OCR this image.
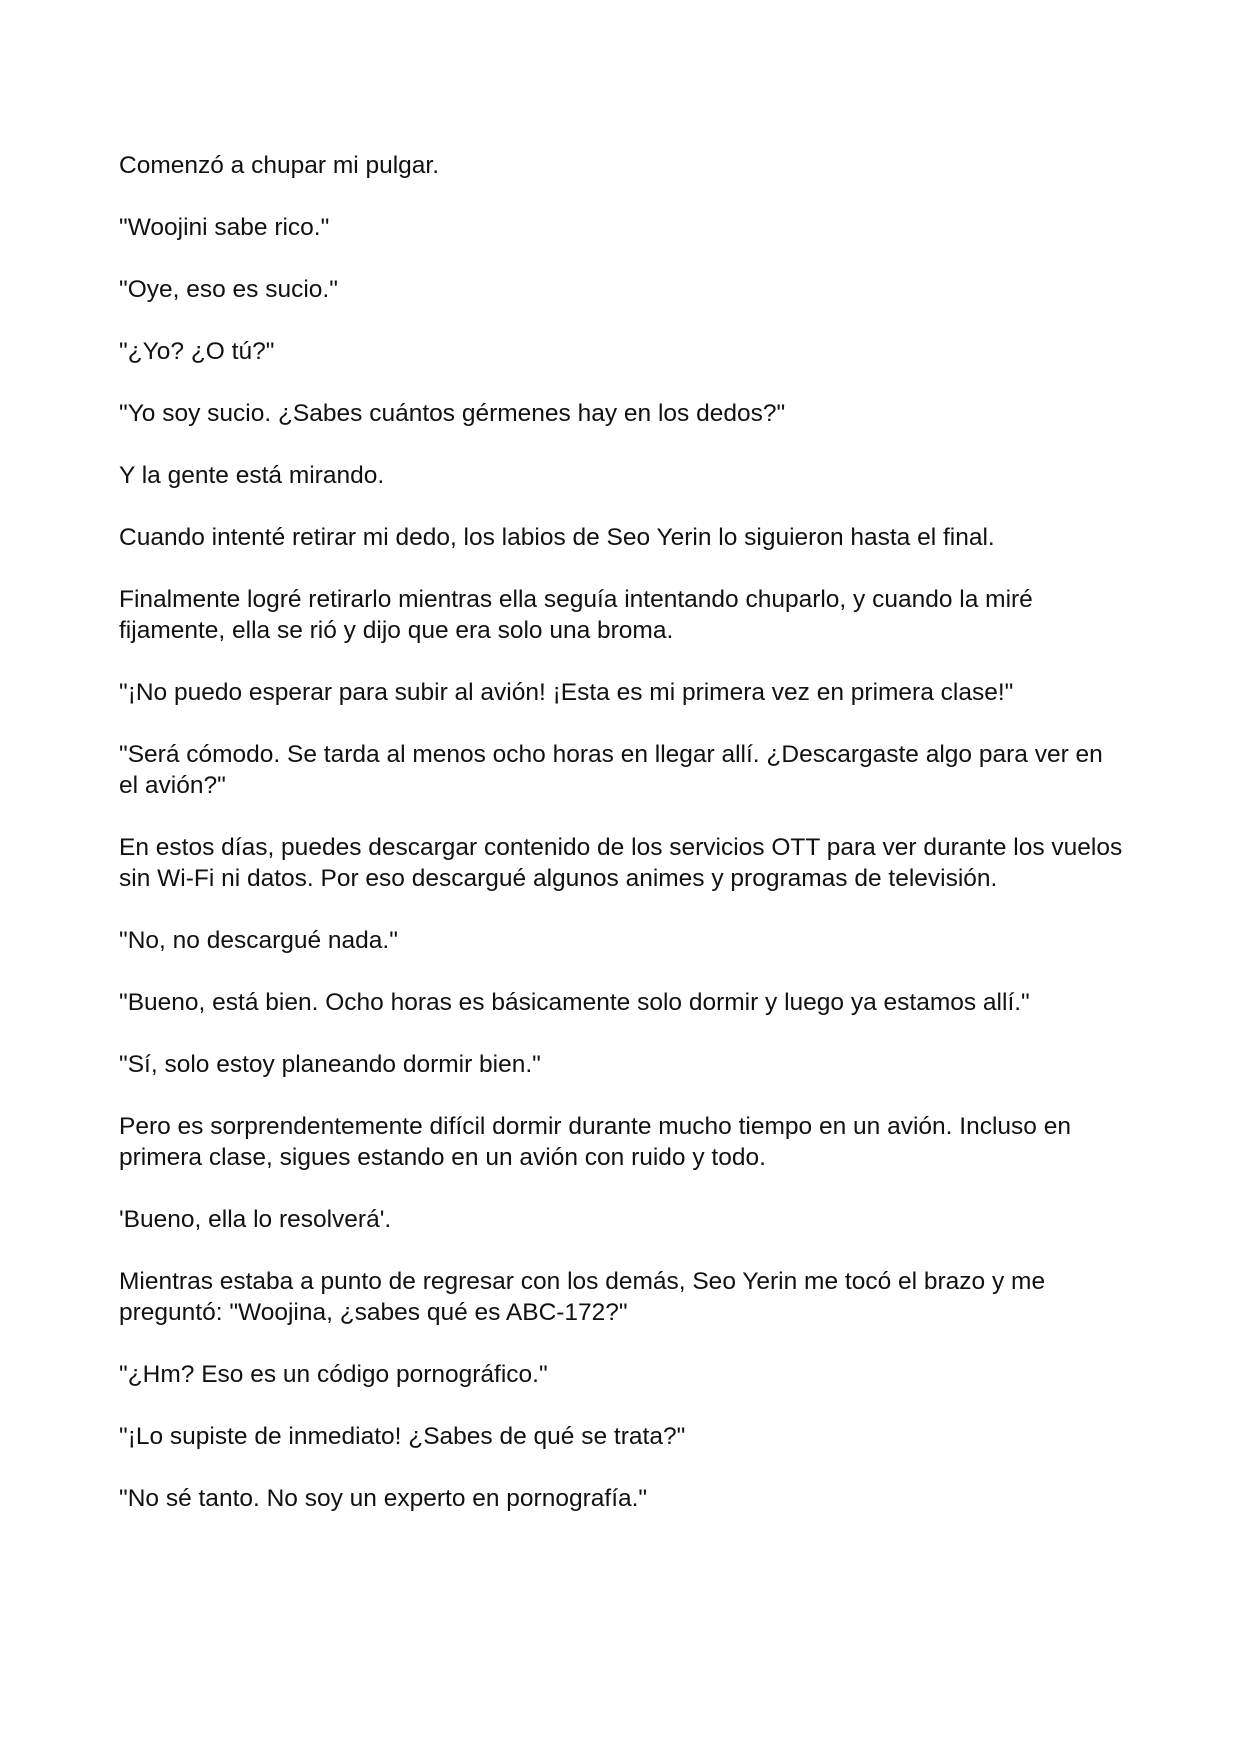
Comenzó a chupar mi pulgar.

"Woojini sabe rico."

"Oye, eso es sucio."

"¿Yo? ¿O tú?"

"Yo soy sucio. ¿Sabes cuántos gérmenes hay en los dedos?"

Y la gente está mirando.

Cuando intenté retirar mi dedo, los labios de Seo Yerin lo siguieron hasta el final.

Finalmente logré retirarlo mientras ella seguía intentando chuparlo, y cuando la miré fijamente, ella se rió y dijo que era solo una broma.

"¡No puedo esperar para subir al avión! ¡Esta es mi primera vez en primera clase!"

"Será cómodo. Se tarda al menos ocho horas en llegar allí. ¿Descargaste algo para ver en el avión?"

En estos días, puedes descargar contenido de los servicios OTT para ver durante los vuelos sin Wi-Fi ni datos. Por eso descargué algunos animes y programas de televisión.

"No, no descargué nada."

"Bueno, está bien. Ocho horas es básicamente solo dormir y luego ya estamos allí."

"Sí, solo estoy planeando dormir bien."

Pero es sorprendentemente difícil dormir durante mucho tiempo en un avión. Incluso en primera clase, sigues estando en un avión con ruido y todo.

'Bueno, ella lo resolverá'.

Mientras estaba a punto de regresar con los demás, Seo Yerin me tocó el brazo y me preguntó: "Woojina, ¿sabes qué es ABC-172?"

"¿Hm? Eso es un código pornográfico."

"¡Lo supiste de inmediato! ¿Sabes de qué se trata?"

"No sé tanto. No soy un experto en pornografía."
